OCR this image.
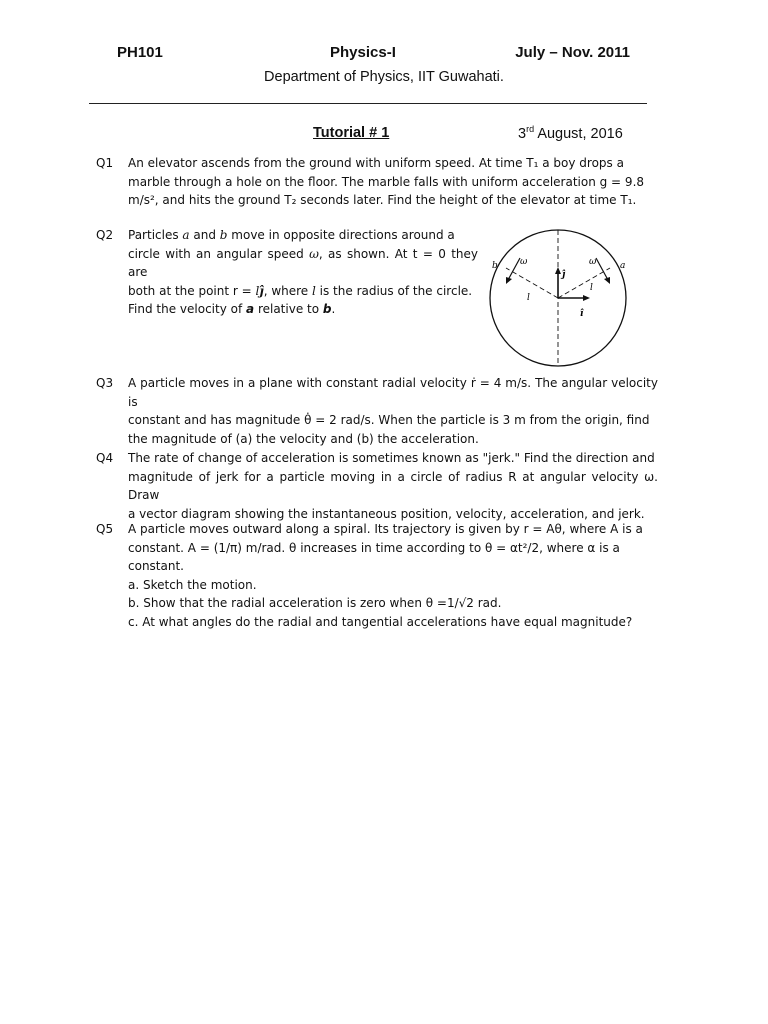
PH101	Physics-I	July – Nov. 2011
Department of Physics, IIT Guwahati.
Tutorial # 1	3rd August, 2016
Q1 An elevator ascends from the ground with uniform speed. At time T₁ a boy drops a
marble through a hole on the floor. The marble falls with uniform acceleration g = 9.8
m/s², and hits the ground T₂ seconds later. Find the height of the elevator at time T₁.
Q2 Particles a and b move in opposite directions around a
circle with an angular speed ω, as shown. At t = 0 they are
both at the point r = lĵ, where l is the radius of the circle.
Find the velocity of a relative to b.
a
b	ω
ω
l
l
ĵ
î
Q3 A particle moves in a plane with constant radial velocity ṙ = 4 m/s. The angular velocity is
constant and has magnitude θ̇ = 2 rad/s. When the particle is 3 m from the origin, find
the magnitude of (a) the velocity and (b) the acceleration.
Q4 The rate of change of acceleration is sometimes known as "jerk." Find the direction and
magnitude of jerk for a particle moving in a circle of radius R at angular velocity ω. Draw
a vector diagram showing the instantaneous position, velocity, acceleration, and jerk.
Q5 A particle moves outward along a spiral. Its trajectory is given by r = Aθ, where A is a
constant. A = (1/π) m/rad. θ increases in time according to θ = αt²/2, where α is a
constant.
a. Sketch the motion.
b. Show that the radial acceleration is zero when θ =1/√2 rad.
c. At what angles do the radial and tangential accelerations have equal magnitude?
